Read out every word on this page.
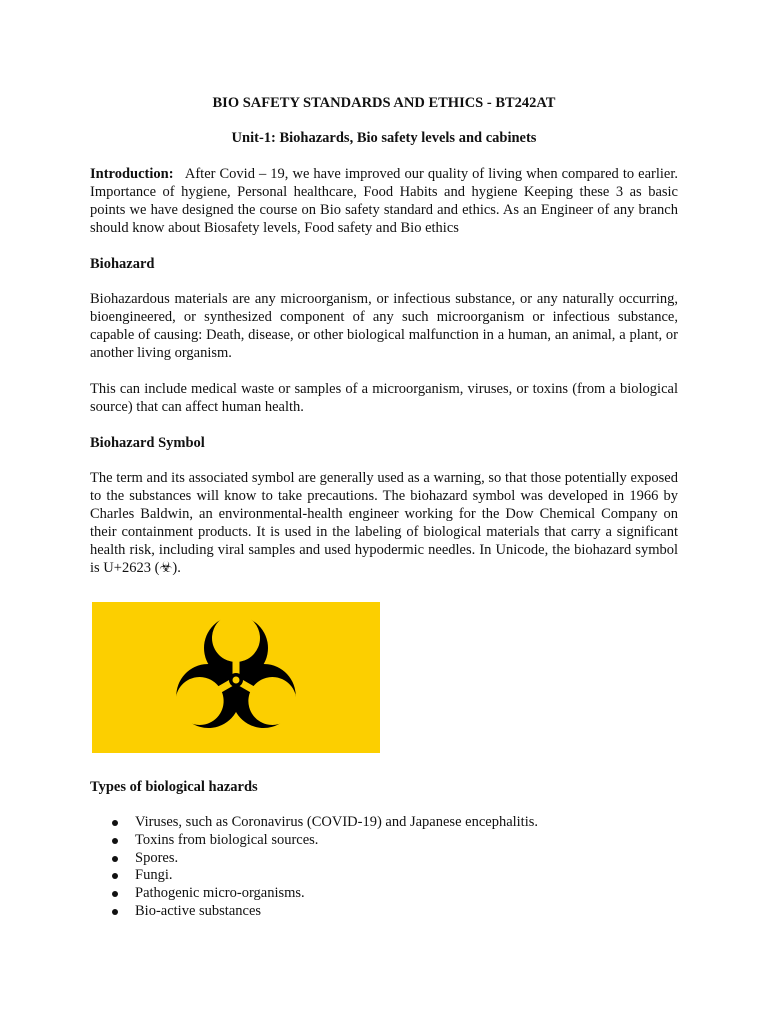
BIO SAFETY STANDARDS AND ETHICS - BT242AT
Unit-1: Biohazards, Bio safety levels and cabinets
Introduction: After Covid – 19, we have improved our quality of living when compared to earlier. Importance of hygiene, Personal healthcare, Food Habits and hygiene Keeping these 3 as basic points we have designed the course on Bio safety standard and ethics. As an Engineer of any branch should know about Biosafety levels, Food safety and Bio ethics
Biohazard
Biohazardous materials are any microorganism, or infectious substance, or any naturally occurring, bioengineered, or synthesized component of any such microorganism or infectious substance, capable of causing: Death, disease, or other biological malfunction in a human, an animal, a plant, or another living organism.
This can include medical waste or samples of a microorganism, viruses, or toxins (from a biological source) that can affect human health.
Biohazard Symbol
The term and its associated symbol are generally used as a warning, so that those potentially exposed to the substances will know to take precautions. The biohazard symbol was developed in 1966 by Charles Baldwin, an environmental-health engineer working for the Dow Chemical Company on their containment products. It is used in the labeling of biological materials that carry a significant health risk, including viral samples and used hypodermic needles. In Unicode, the biohazard symbol is U+2623 (☣).
Types of biological hazards
Viruses, such as Coronavirus (COVID-19) and Japanese encephalitis.
Toxins from biological sources.
Spores.
Fungi.
Pathogenic micro-organisms.
Bio-active substances
